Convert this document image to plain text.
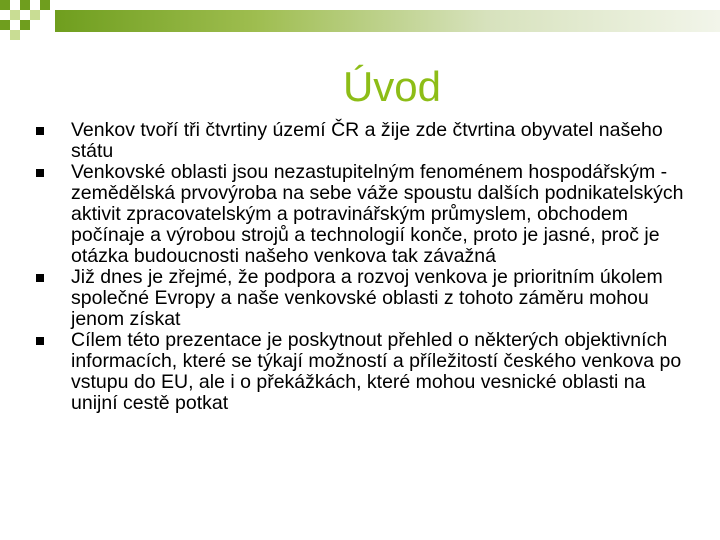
Úvod
Venkov tvoří tři čtvrtiny území ČR a žije zde čtvrtina obyvatel našeho státu
Venkovské oblasti jsou nezastupitelným fenoménem hospodářským - zemědělská prvovýroba na sebe váže spoustu dalších podnikatelských aktivit zpracovatelským a potravinářským průmyslem, obchodem počínaje a výrobou strojů a technologií konče, proto je jasné, proč je otázka budoucnosti našeho venkova tak závažná
Již dnes je zřejmé, že podpora a rozvoj venkova je prioritním úkolem společné Evropy a naše venkovské oblasti z tohoto záměru mohou jenom získat
Cílem této prezentace je poskytnout přehled o některých objektivních informacích, které se týkají možností a příležitostí českého venkova po vstupu do EU, ale i o překážkách, které mohou vesnické oblasti na unijní cestě potkat
